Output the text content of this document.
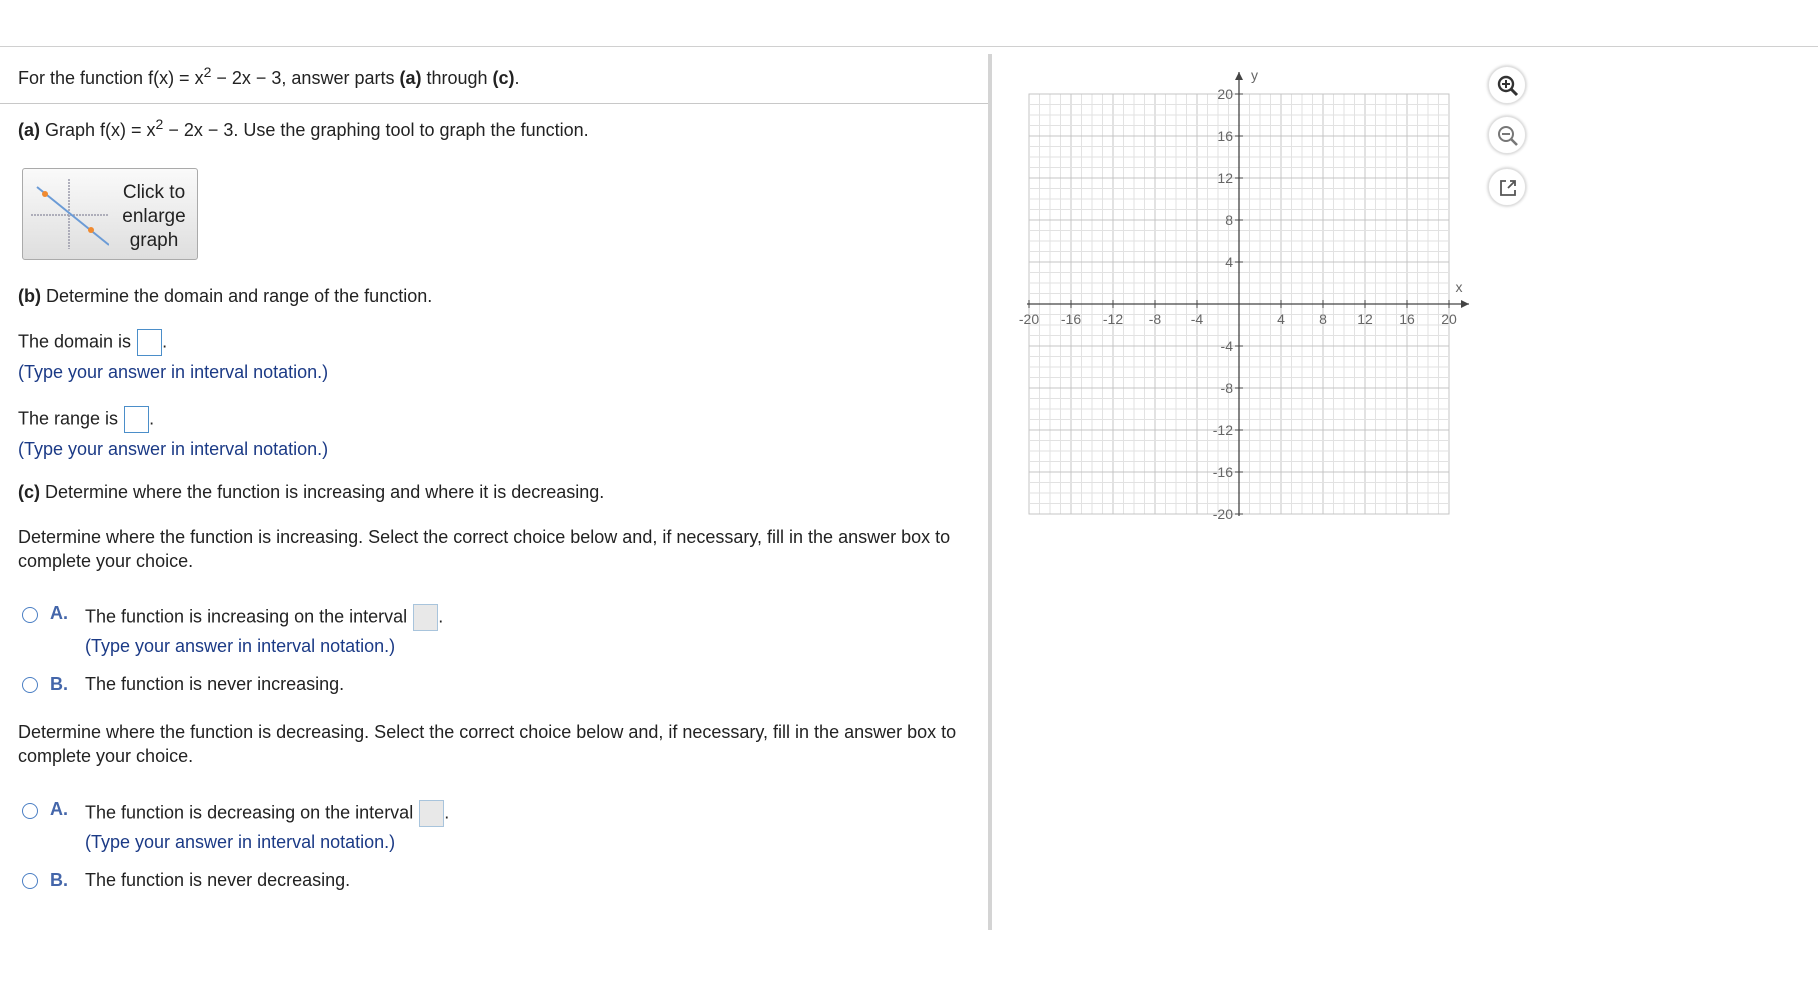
For the function $f(x) = x^2 - 2x - 3$, answer parts (a) through (c).
(a) Graph $f(x) = x^2 - 2x - 3$. Use the graphing tool to graph the function.
Click to
enlarge
graph
(b) Determine the domain and range of the function.
The domain is .
(Type your answer in interval notation.)
The range is .
(Type your answer in interval notation.)
(c) Determine where the function is increasing and where it is decreasing.
Determine where the function is increasing. Select the correct choice below and, if necessary, fill in the answer box to complete your choice.
A. The function is increasing on the interval .
(Type your answer in interval notation.)
B. The function is never increasing.
Determine where the function is decreasing. Select the correct choice below and, if necessary, fill in the answer box to complete your choice.
A. The function is decreasing on the interval .
(Type your answer in interval notation.)
B. The function is never decreasing.
-20 -16 -12 -8 -4	4 8 12 16 20
20
16
12
8
4
-4
-8
-12
-16
-20
x
y
